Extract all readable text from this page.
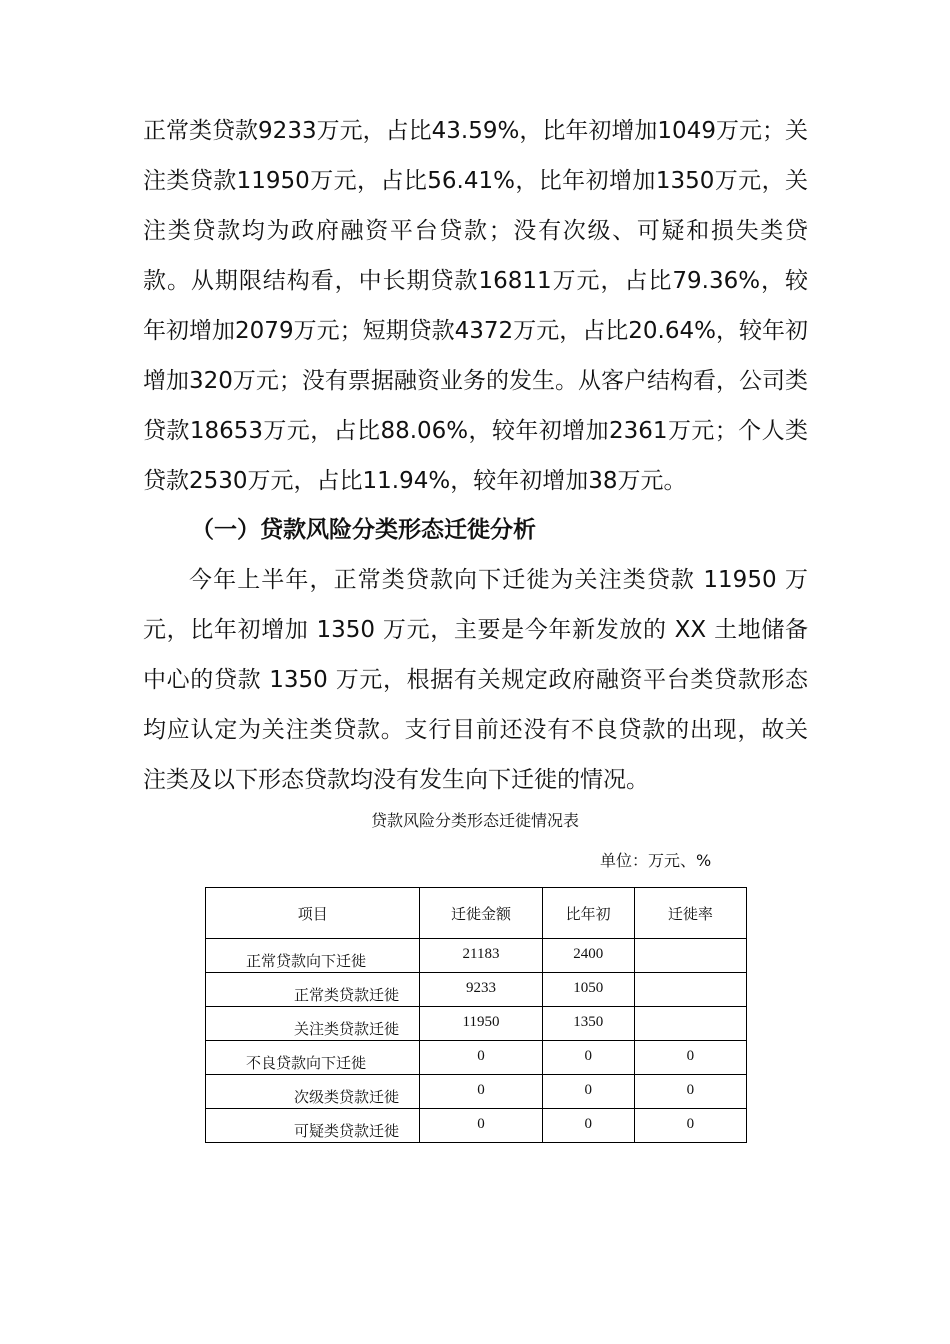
正常类贷款9233万元，占比43.59%，比年初增加1049万元；关注类贷款11950万元，占比56.41%，比年初增加1350万元，关注类贷款均为政府融资平台贷款；没有次级、可疑和损失类贷款。从期限结构看，中长期贷款16811万元，占比79.36%，较年初增加2079万元；短期贷款4372万元，占比20.64%，较年初增加320万元；没有票据融资业务的发生。从客户结构看，公司类贷款18653万元，占比88.06%，较年初增加2361万元；个人类贷款2530万元，占比11.94%，较年初增加38万元。
（一）贷款风险分类形态迁徙分析
今年上半年，正常类贷款向下迁徙为关注类贷款 11950 万元，比年初增加 1350 万元，主要是今年新发放的 XX 土地储备中心的贷款 1350 万元，根据有关规定政府融资平台类贷款形态均应认定为关注类贷款。支行目前还没有不良贷款的出现，故关注类及以下形态贷款均没有发生向下迁徙的情况。
贷款风险分类形态迁徙情况表
单位：万元、%
项目	迁徙金额	比年初	迁徙率

正常贷款向下迁徙	21183	2400	

正常类贷款迁徙	9233	1050	

关注类贷款迁徙	11950	1350	

不良贷款向下迁徙	0	0	0

次级类贷款迁徙	0	0	0

可疑类贷款迁徙	0	0	0
